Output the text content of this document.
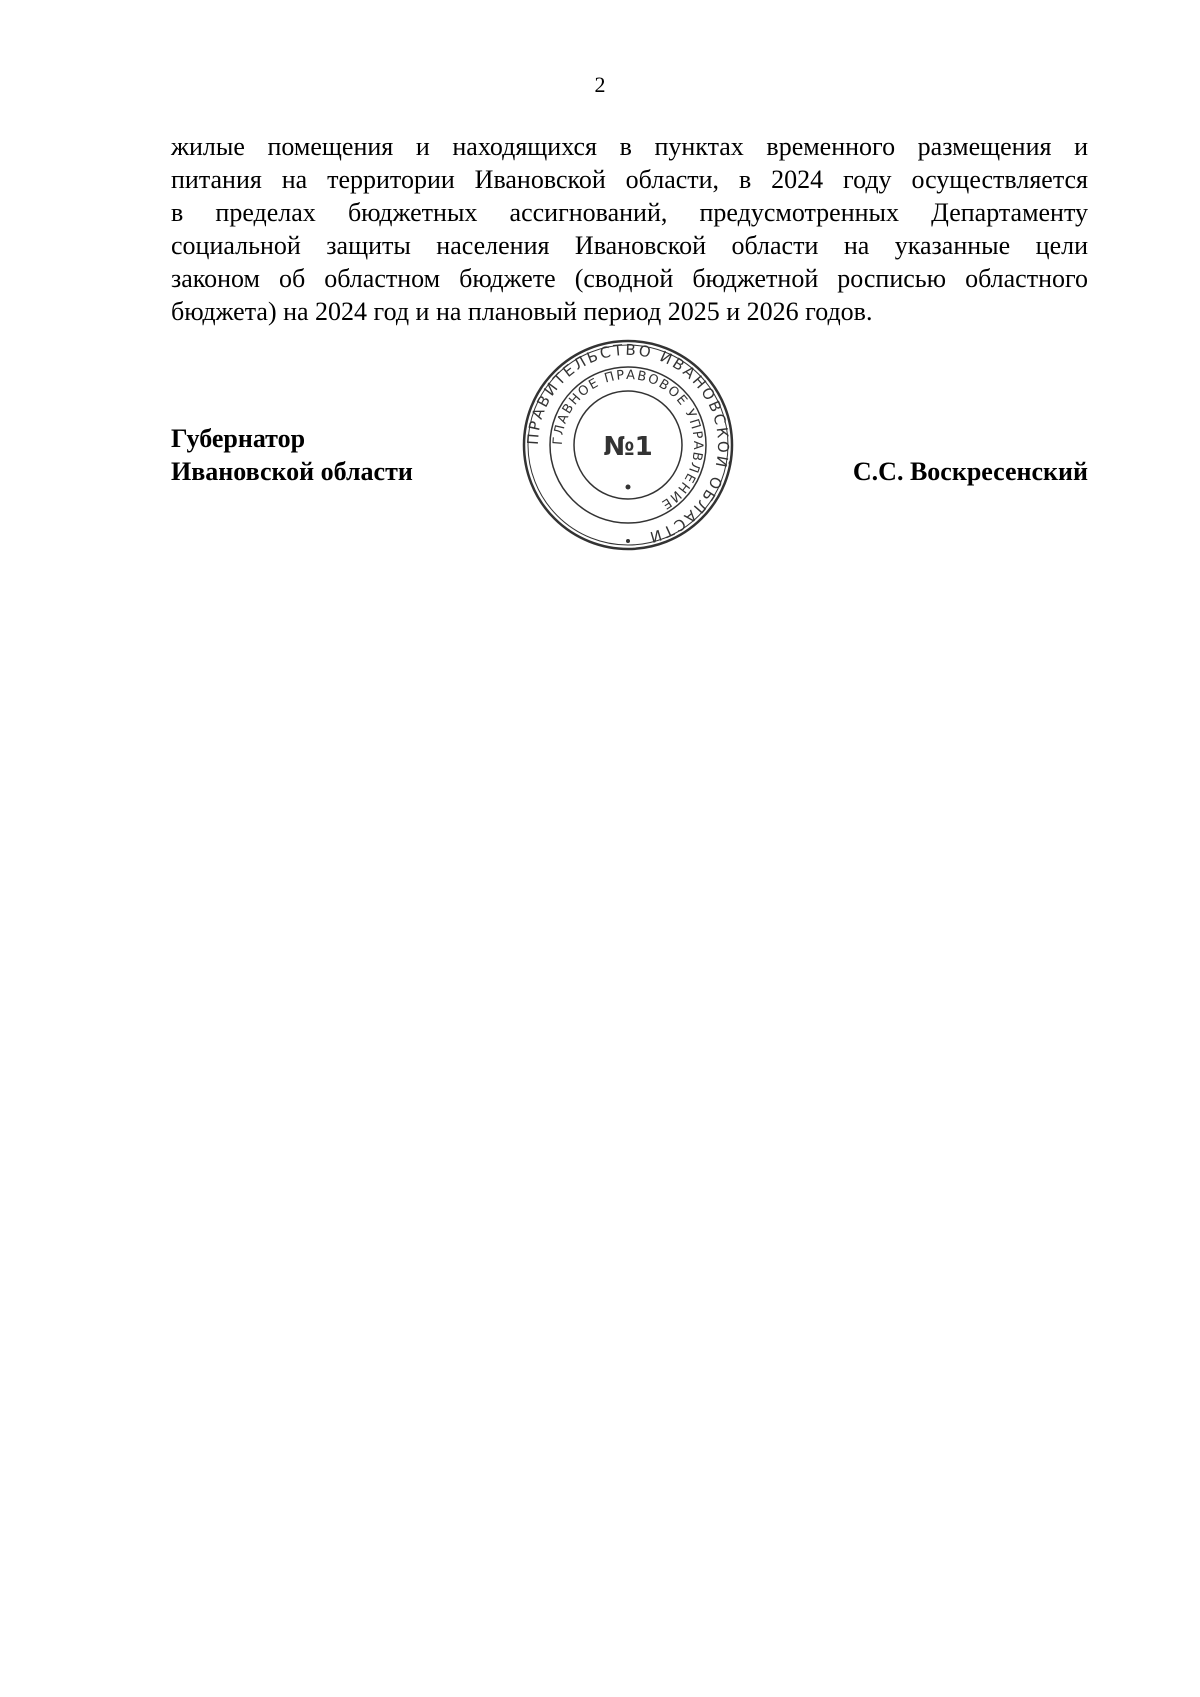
2
жилые помещения и находящихся в пунктах временного размещения и
питания на территории Ивановской области, в 2024 году осуществляется
в пределах бюджетных ассигнований, предусмотренных Департаменту
социальной защиты населения Ивановской области на указанные цели
законом об областном бюджете (сводной бюджетной росписью областного
бюджета) на 2024 год и на плановый период 2025 и 2026 годов.
Губернатор
Ивановской области	С.С. Воскресенский
ПРАВИТЕЛЬСТВО ИВАНОВСКОЙ ОБЛАСТИ
ГЛАВНОЕ ПРАВОВОЕ УПРАВЛЕНИЕ
№1
